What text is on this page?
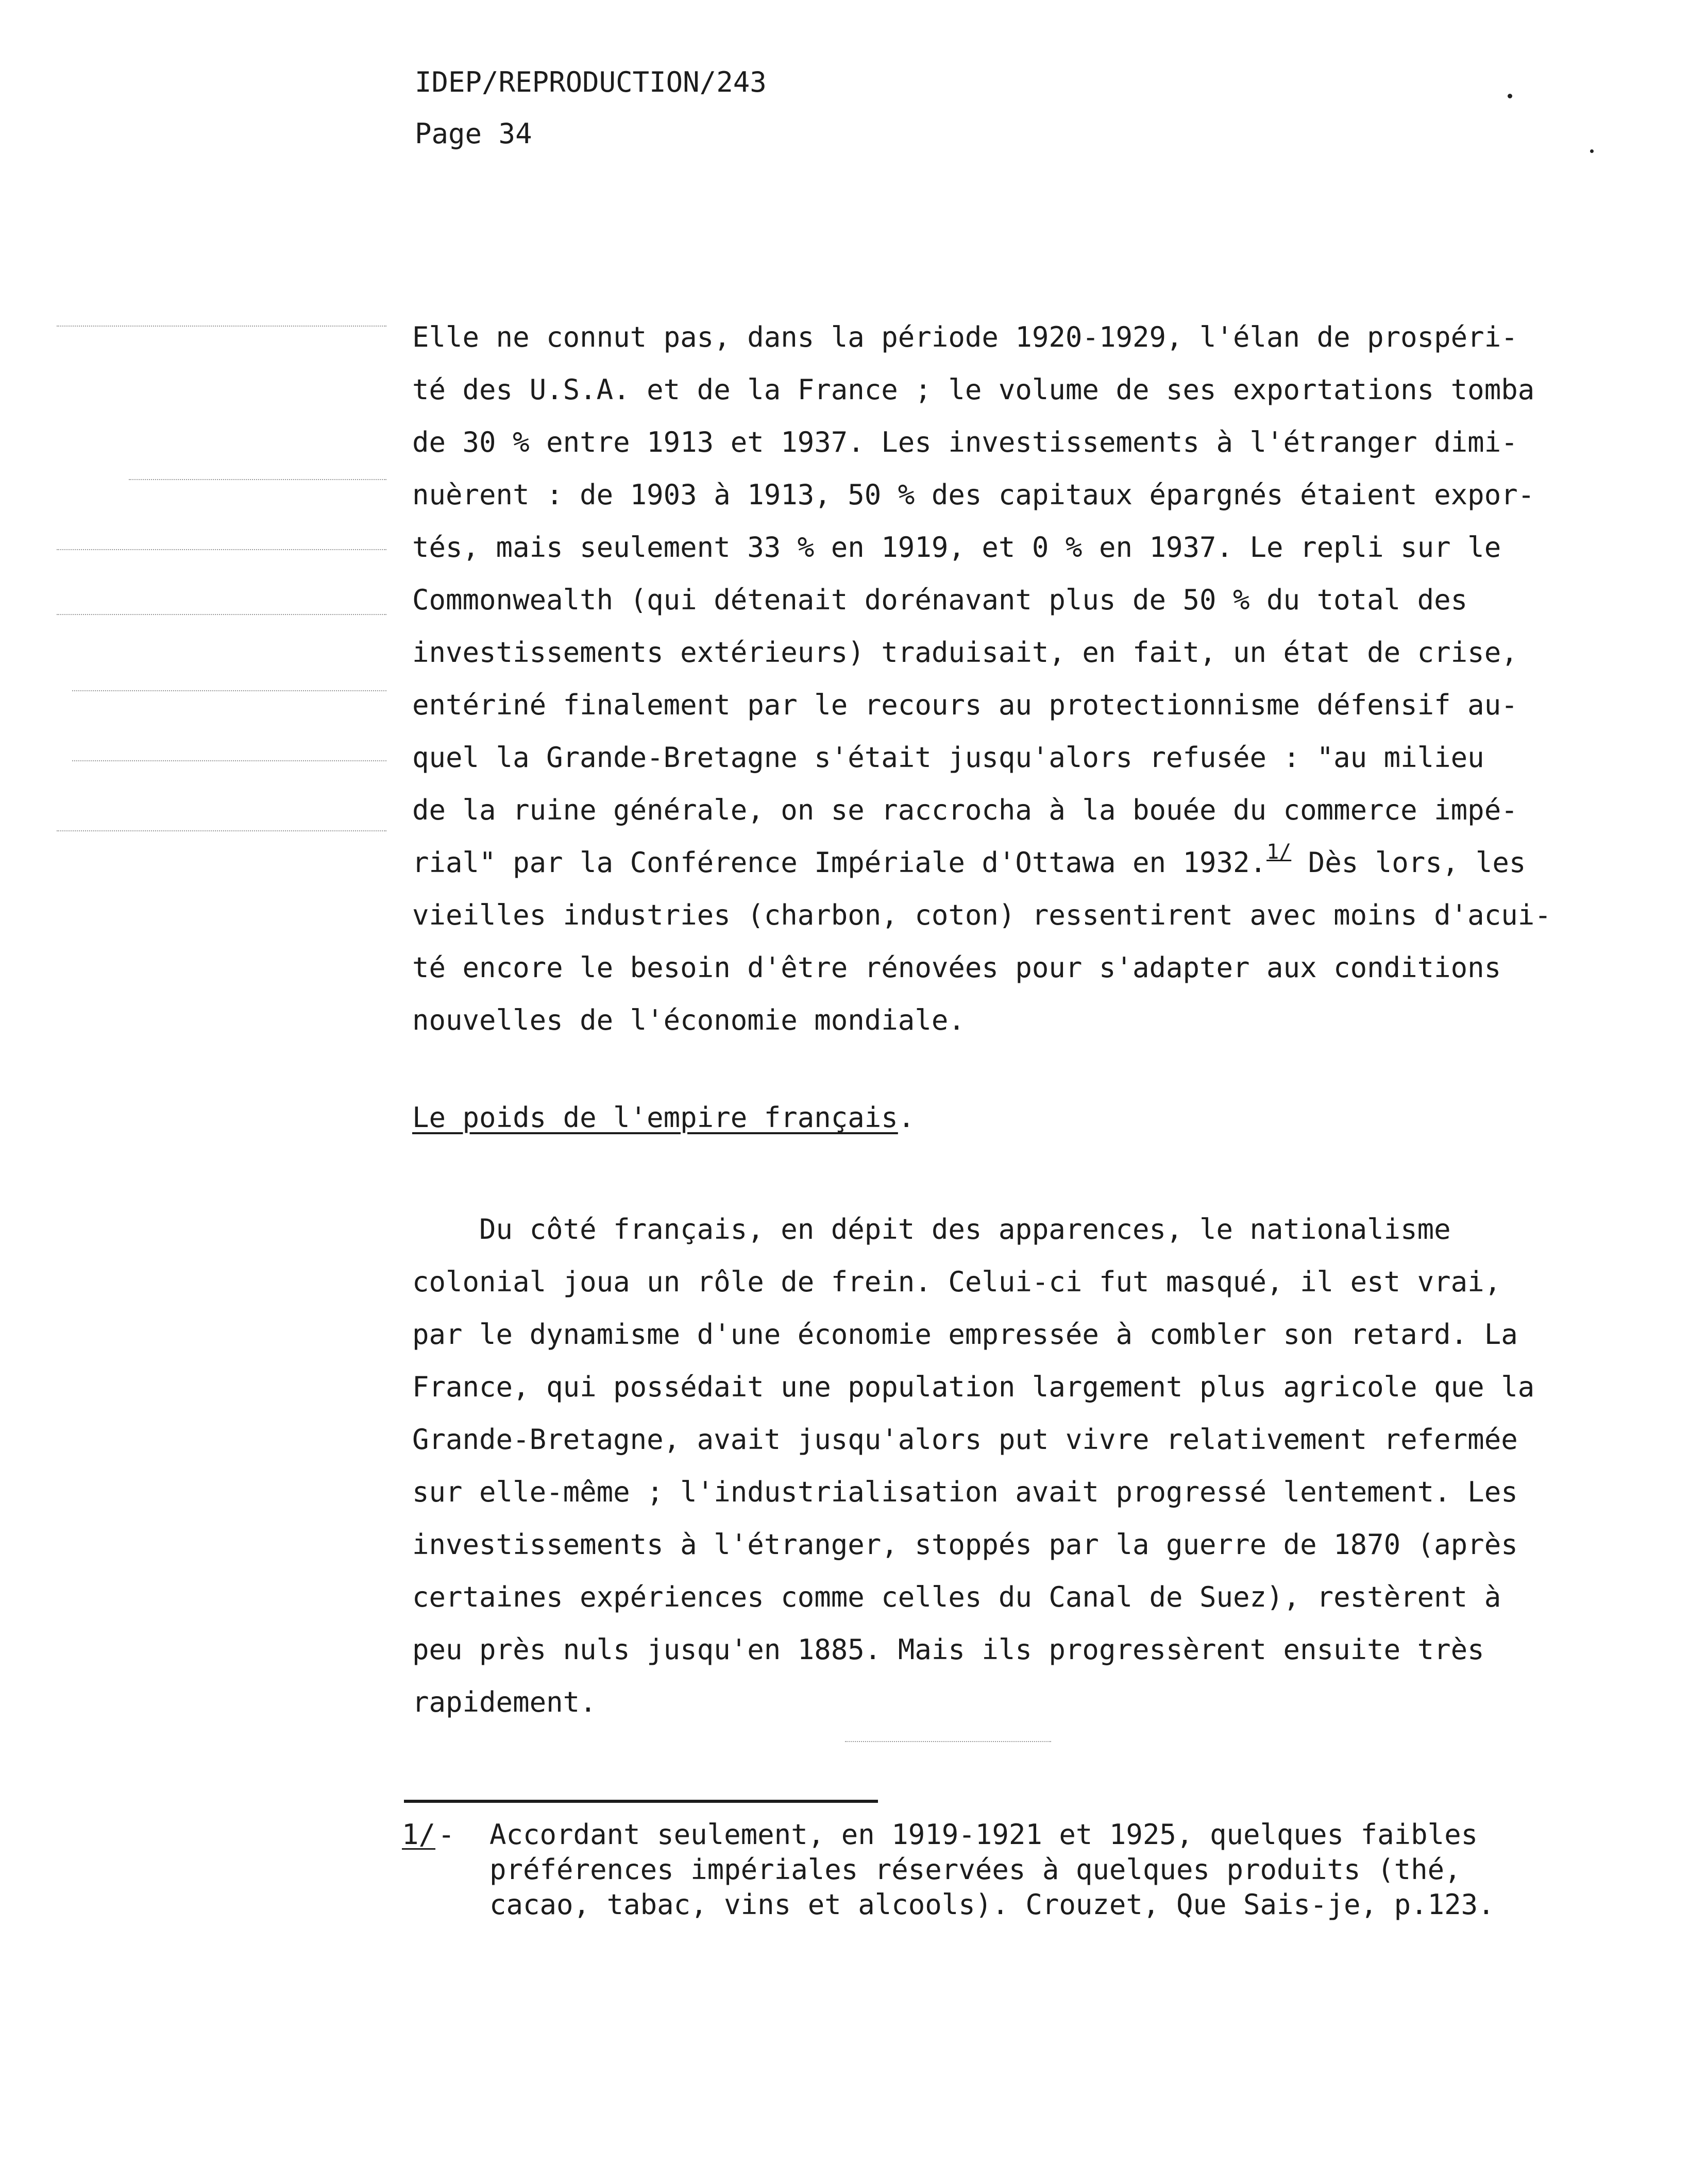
IDEP/REPRODUCTION/243
Page 34
Elle ne connut pas, dans la période 1920-1929, l'élan de prospéri-
té des U.S.A. et de la France ; le volume de ses exportations tomba
de 30 % entre 1913 et 1937. Les investissements à l'étranger dimi-
nuèrent : de 1903 à 1913, 50 % des capitaux épargnés étaient expor-
tés, mais seulement 33 % en 1919, et 0 % en 1937. Le repli sur le
Commonwealth (qui détenait dorénavant plus de 50 % du total des
investissements extérieurs) traduisait, en fait, un état de crise,
entériné finalement par le recours au protectionnisme défensif au-
quel la Grande-Bretagne s'était jusqu'alors refusée : "au milieu
de la ruine générale, on se raccrocha à la bouée du commerce impé-
rial" par la Conférence Impériale d'Ottawa en 1932.1/ Dès lors, les
vieilles industries (charbon, coton) ressentirent avec moins d'acui-
té encore le besoin d'être rénovées pour s'adapter aux conditions
nouvelles de l'économie mondiale.
Le poids de l'empire français.
Du côté français, en dépit des apparences, le nationalisme
colonial joua un rôle de frein. Celui-ci fut masqué, il est vrai,
par le dynamisme d'une économie empressée à combler son retard. La
France, qui possédait une population largement plus agricole que la
Grande-Bretagne, avait jusqu'alors put vivre relativement refermée
sur elle-même ; l'industrialisation avait progressé lentement. Les
investissements à l'étranger, stoppés par la guerre de 1870 (après
certaines expériences comme celles du Canal de Suez), restèrent à
peu près nuls jusqu'en 1885. Mais ils progressèrent ensuite très
rapidement.
1/- Accordant seulement, en 1919-1921 et 1925, quelques faibles
préférences impériales réservées à quelques produits (thé,
cacao, tabac, vins et alcools). Crouzet, Que Sais-je, p.123.
